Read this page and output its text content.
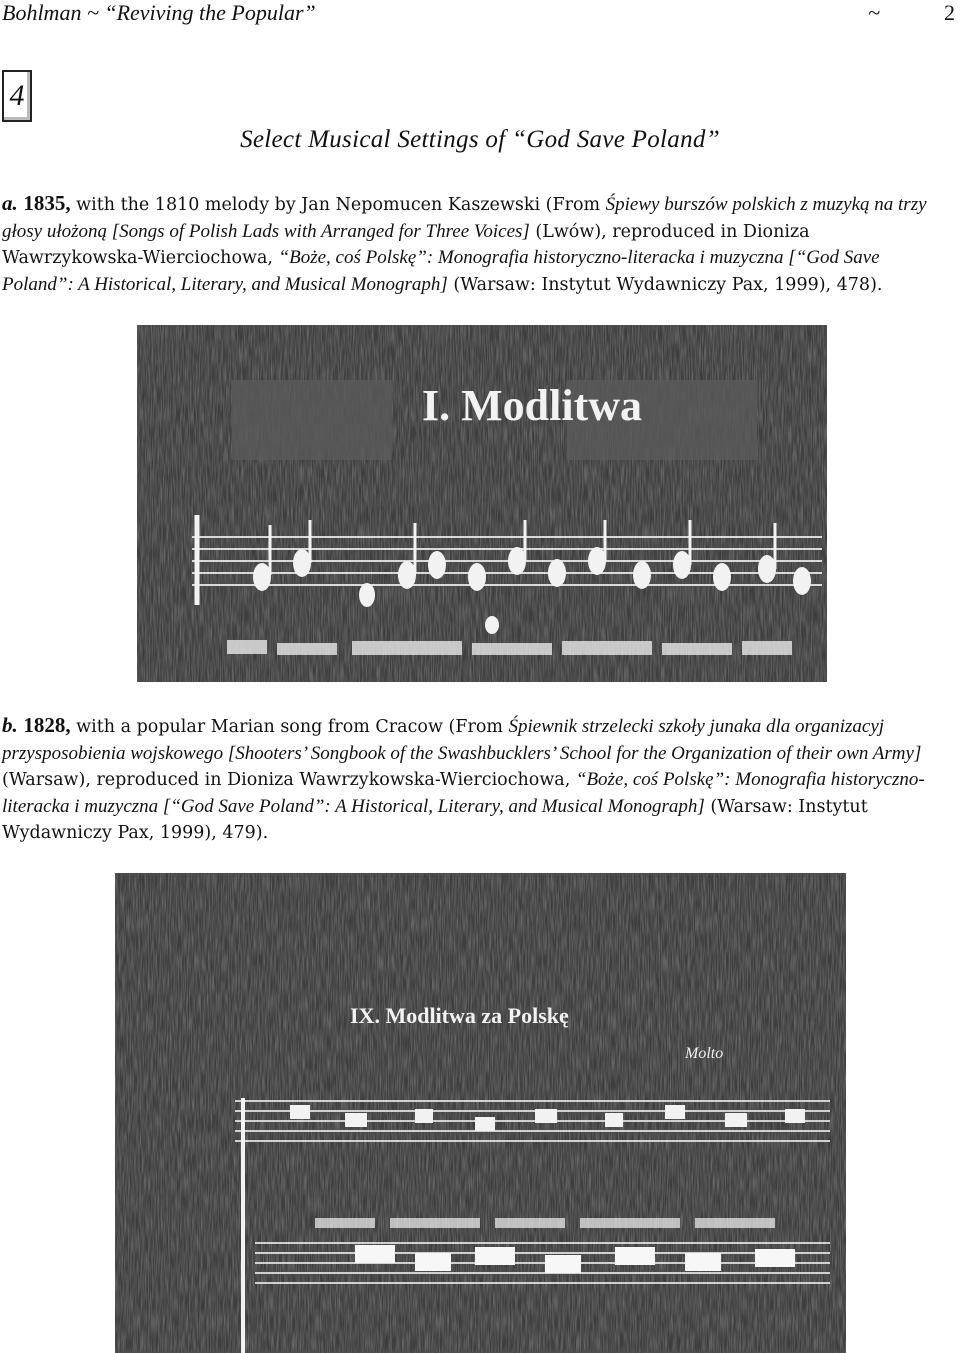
Bohlman ~ “Reviving the Popular”	~	2
4
Select Musical Settings of “God Save Poland”

a. 1835, with the 1810 melody by Jan Nepomucen Kaszewski (From Śpiewy burszów polskich z muzyką na trzy głosy ułożoną [Songs of Polish Lads with Arranged for Three Voices] (Lwów), reproduced in Dioniza Wawrzykowska-Wierciochowa, “Boże, coś Polskę”: Monografia historyczno-literacka i muzyczna [“God Save Poland”: A Historical, Literary, and Musical Monograph] (Warsaw: Instytut Wydawniczy Pax, 1999), 478).

I. Modlitwa

b. 1828, with a popular Marian song from Cracow (From Śpiewnik strzelecki szkoły junaka dla organizacyj przysposobienia wojskowego [Shooters’ Songbook of the Swashbucklers’ School for the Organization of their own Army] (Warsaw), reproduced in Dioniza Wawrzykowska-Wierciochowa, “Boże, coś Polskę”: Monografia historyczno-literacka i muzyczna [“God Save Poland”: A Historical, Literary, and Musical Monograph] (Warsaw: Instytut Wydawniczy Pax, 1999), 479).

IX. Modlitwa za Polskę
Molto
